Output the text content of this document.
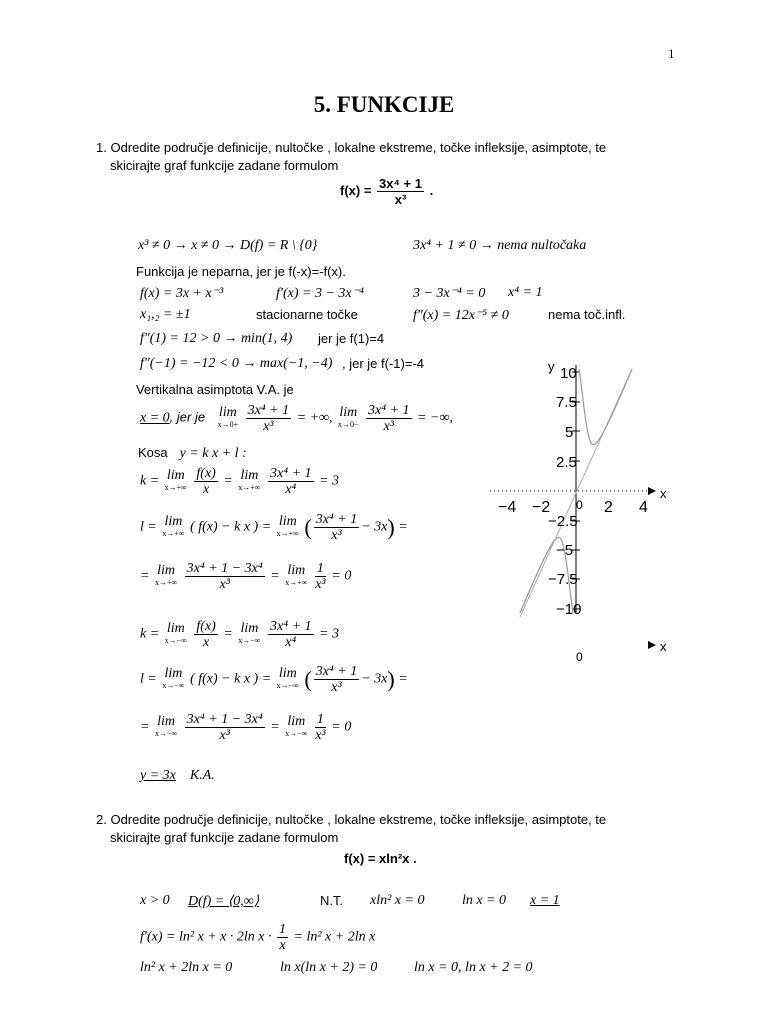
1
5. FUNKCIJE
1. Odredite područje definicije, nultočke , lokalne ekstreme, točke infleksije, asimptote, te
skicirajte graf funkcije zadane formulom
$f(x) = \frac{\text{3x⁴ + 1}}{\text{x³}}$ .
x³ ≠ 0 → x ≠ 0 → D(f) = R \ {0}	3x⁴ + 1 ≠ 0 → nema nultočaka
Funkcija je neparna, jer je f(-x)=-f(x).
f(x) = 3x + x⁻³	f′(x) = 3 − 3x⁻⁴	3 − 3x⁻⁴ = 0 x⁴ = 1
x₁,₂ = ±1	stacionarne točke	f″(x) = 12x⁻⁵ ≠ 0	nema toč.infl.
f″(1) = 12 > 0 → min(1, 4) jer je f(1)=4
f″(−1) = −12 < 0 → max(−1, −4) , jer je f(-1)=-4
Vertikalna asimptota V.A. je
x = 0, jer je lim
x→0+
$\frac{\text{3x⁴ + 1}}{\text{x³}}$ = +∞, lim
x→0−
$\frac{\text{3x⁴ + 1}}{\text{x³}}$ = −∞,
Kosa y = k x + l :
k = lim
x→+∞
$\frac{f(x)}{x} = \lim$
x→+∞
$\frac{\text{3x⁴ + 1}}{\text{x⁴}} = 3$
l = lim
x→+∞ ( f(x) − k x ) = lim
x→+∞ ( $\frac{\text{3x⁴ + 1}}{\text{x³}} - 3x$) =
= lim
x→+∞
$\frac{\text{3x⁴ + 1 − 3x⁴}}{\text{x³}} = \lim$
x→+∞
$\frac{1}{\text{x³}} = 0$
k = lim
x→−∞
$\frac{f(x)}{x} = \lim$
x→−∞
$\frac{\text{3x⁴ + 1}}{\text{x⁴}} = 3$
l = lim
x→−∞ ( f(x) − k x ) = lim
x→−∞ ( $\frac{\text{3x⁴ + 1}}{\text{x³}} - 3x$) =
= lim
x→−∞
$\frac{\text{3x⁴ + 1 − 3x⁴}}{\text{x³}} = \lim$
x→−∞
$\frac{1}{\text{x³}} = 0$
y = 3x K.A.
y
x
x
0
0
−4 −2	2 4
10
7.5
5
2.5
−2.5
−5
−7.5
−10
2. Odredite područje definicije, nultočke , lokalne ekstreme, točke infleksije, asimptote, te
skicirajte graf funkcije zadane formulom
f(x) = xln²x .
x > 0 D(f) = ⟨0,∞⟩	N.T. xln² x = 0	ln x = 0 x = 1
f′(x) = ln² x + x · 2ln $x \cdot \frac{1}{x} = \ln^2$ x + 2ln x
ln² x + 2ln x = 0	ln x(ln x + 2) = 0	ln x = 0, ln x + 2 = 0
